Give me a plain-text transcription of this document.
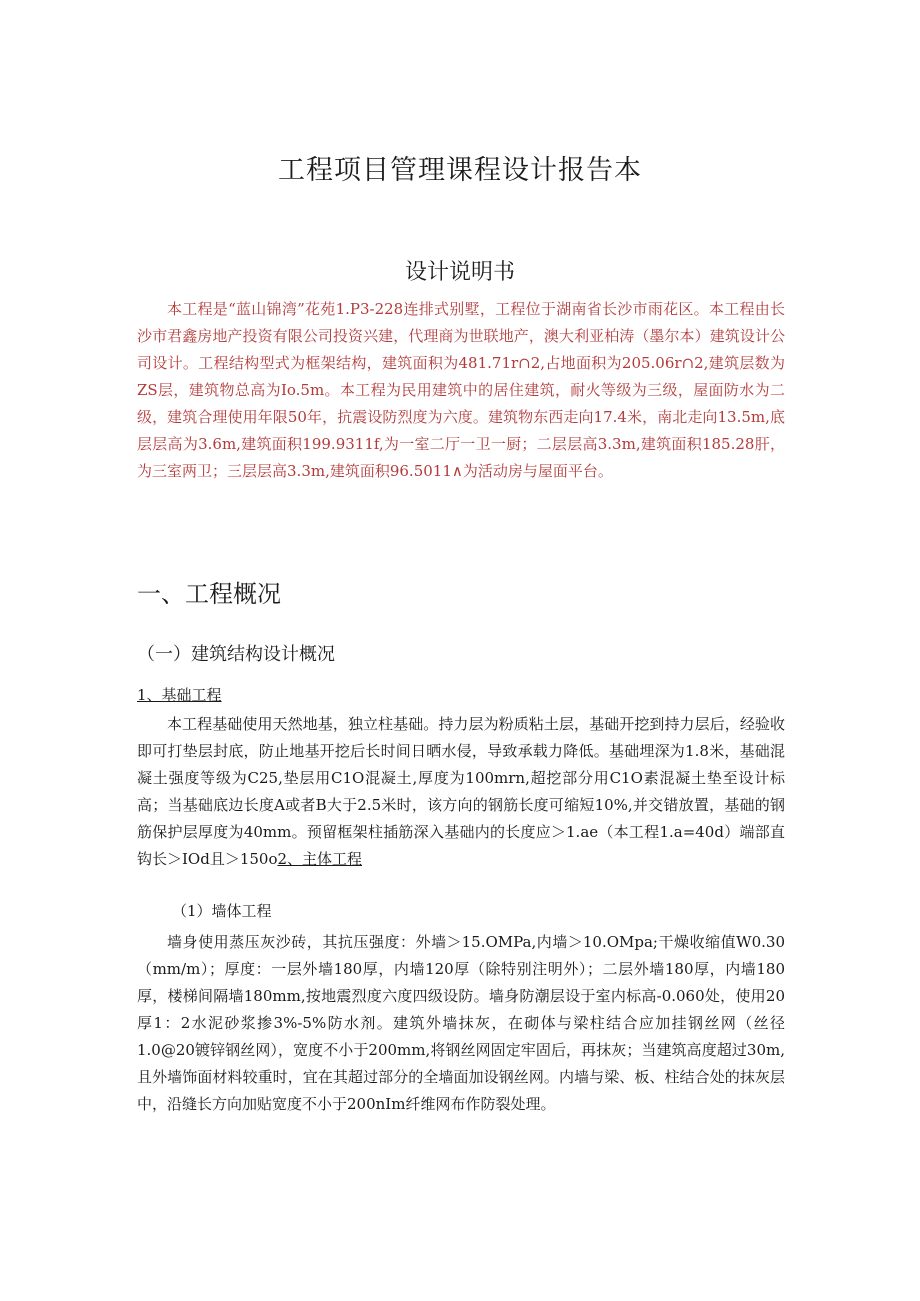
工程项目管理课程设计报告本
设计说明书

本工程是“蓝山锦湾”花苑1.P3-228连排式别墅，工程位于湖南省长沙市雨花区。本工程由长沙市君鑫房地产投资有限公司投资兴建，代理商为世联地产，澳大利亚柏涛（墨尔本）建筑设计公司设计。工程结构型式为框架结构，建筑面积为481.71r∩2,占地面积为205.06r∩2,建筑层数为ZS层，建筑物总高为Io.5m。本工程为民用建筑中的居住建筑，耐火等级为三级，屋面防水为二级，建筑合理使用年限50年，抗震设防烈度为六度。建筑物东西走向17.4米，南北走向13.5m,底层层高为3.6m,建筑面积199.9311f,为一室二厅一卫一厨；二层层高3.3m,建筑面积185.28肝，为三室两卫；三层层高3.3m,建筑面积96.5011∧为活动房与屋面平台。

一、工程概况
（一）建筑结构设计概况
1、基础工程

本工程基础使用天然地基，独立柱基础。持力层为粉质粘土层，基础开挖到持力层后，经验收即可打垫层封底，防止地基开挖后长时间日晒水侵，导致承载力降低。基础埋深为1.8米，基础混凝土强度等级为C25,垫层用C1O混凝土,厚度为100mrn,超挖部分用C1O素混凝土垫至设计标高；当基础底边长度A或者B大于2.5米时，该方向的钢筋长度可缩短10%,并交错放置，基础的钢筋保护层厚度为40mm。预留框架柱插筋深入基础内的长度应＞1.ae（本工程1.a=40d）端部直钩长＞IOd且＞150o2、主体工程

（1）墙体工程

墙身使用蒸压灰沙砖，其抗压强度：外墙＞15.OMPa,内墙＞10.OMpa;干燥收缩值W0.30（mm/m）；厚度：一层外墙180厚，内墙120厚（除特别注明外）；二层外墙180厚，内墙180厚，楼梯间隔墙180mm,按地震烈度六度四级设防。墙身防潮层设于室内标高-0.060处，使用20厚1：2水泥砂浆掺3%-5%防水剂。建筑外墙抹灰，在砌体与梁柱结合应加挂钢丝网（丝径1.0@20镀锌钢丝网），宽度不小于200mm,将钢丝网固定牢固后，再抹灰；当建筑高度超过30m,且外墙饰面材料较重时，宜在其超过部分的全墙面加设钢丝网。内墙与梁、板、柱结合处的抹灰层中，沿缝长方向加贴宽度不小于200nIm纤维网布作防裂处理。
